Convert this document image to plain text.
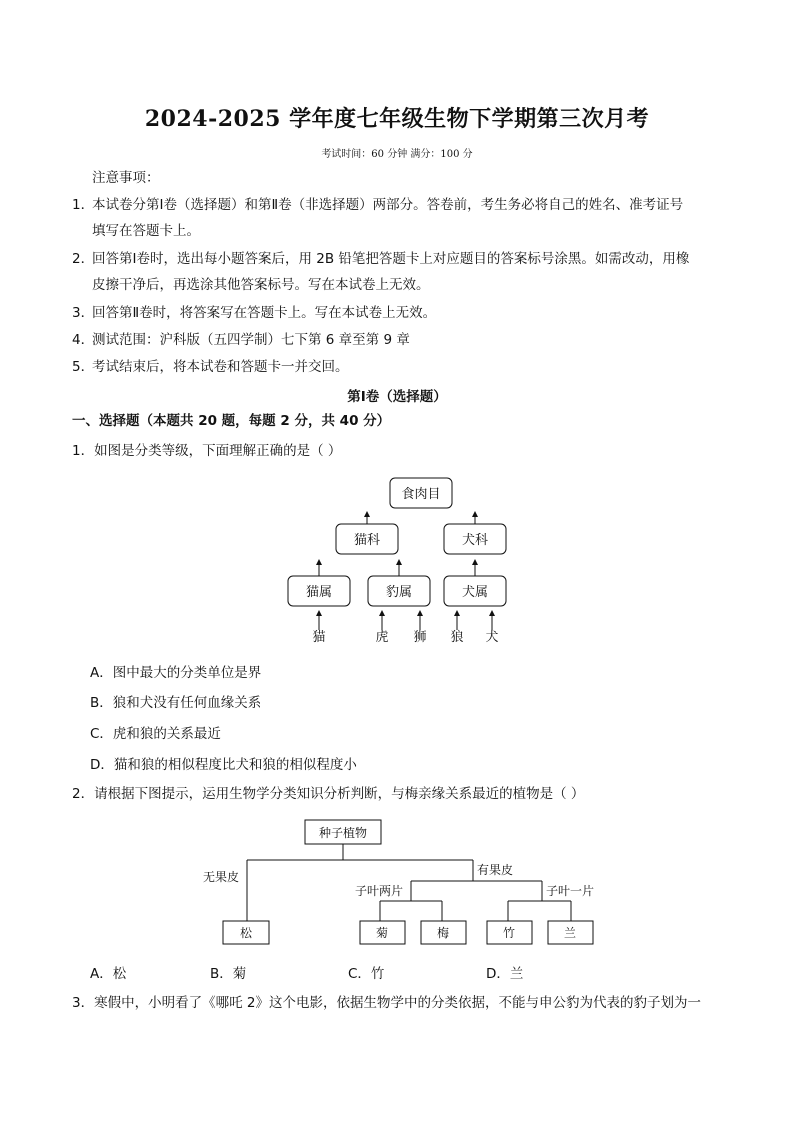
2024-2025 学年度七年级生物下学期第三次月考
考试时间：60 分钟 满分：100 分
注意事项：
1．
本试卷分第Ⅰ卷（选择题）和第Ⅱ卷（非选择题）两部分。答卷前，考生务必将自己的姓名、准考证号
填写在答题卡上。
2．
回答第Ⅰ卷时，选出每小题答案后，用 2B 铅笔把答题卡上对应题目的答案标号涂黑。如需改动，用橡
皮擦干净后，再选涂其他答案标号。写在本试卷上无效。
3．
回答第Ⅱ卷时，将答案写在答题卡上。写在本试卷上无效。
4．
测试范围：沪科版（五四学制）七下第 6 章至第 9 章
5．
考试结束后，将本试卷和答题卡一并交回。
第Ⅰ卷（选择题）
一、选择题（本题共 20 题，每题 2 分，共 40 分）
1．如图是分类等级，下面理解正确的是（ ）
食肉目
猫科	犬科
猫属	豹属	犬属
猫	虎 狮 狼 犬
A．图中最大的分类单位是界
B．狼和犬没有任何血缘关系
C．虎和狼的关系最近
D．猫和狼的相似程度比犬和狼的相似程度小
2．请根据下图提示，运用生物学分类知识分析判断，与梅亲缘关系最近的植物是（ ）
种子植物
无果皮	有果皮
子叶两片	子叶一片
松	菊	梅	竹	兰
A．松	B．菊	C．竹	D．兰
3．寒假中，小明看了《哪吒 2》这个电影，依据生物学中的分类依据，不能与申公豹为代表的豹子划为一
